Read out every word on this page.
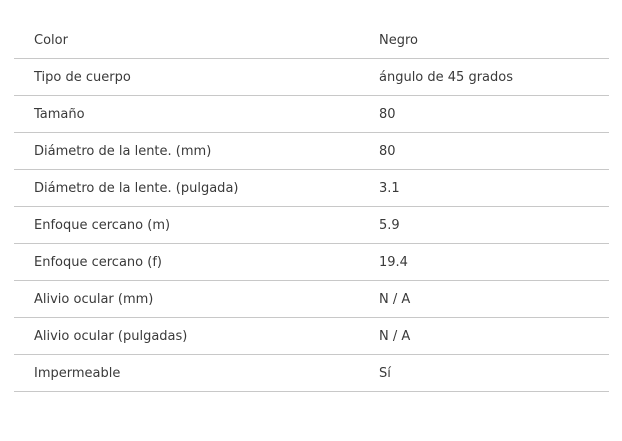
Color	Negro
Tipo de cuerpo	ángulo de 45 grados
Tamaño	80
Diámetro de la lente. (mm)	80
Diámetro de la lente. (pulgada)	3.1
Enfoque cercano (m)	5.9
Enfoque cercano (f)	19.4
Alivio ocular (mm)	N / A
Alivio ocular (pulgadas)	N / A
Impermeable	Sí
